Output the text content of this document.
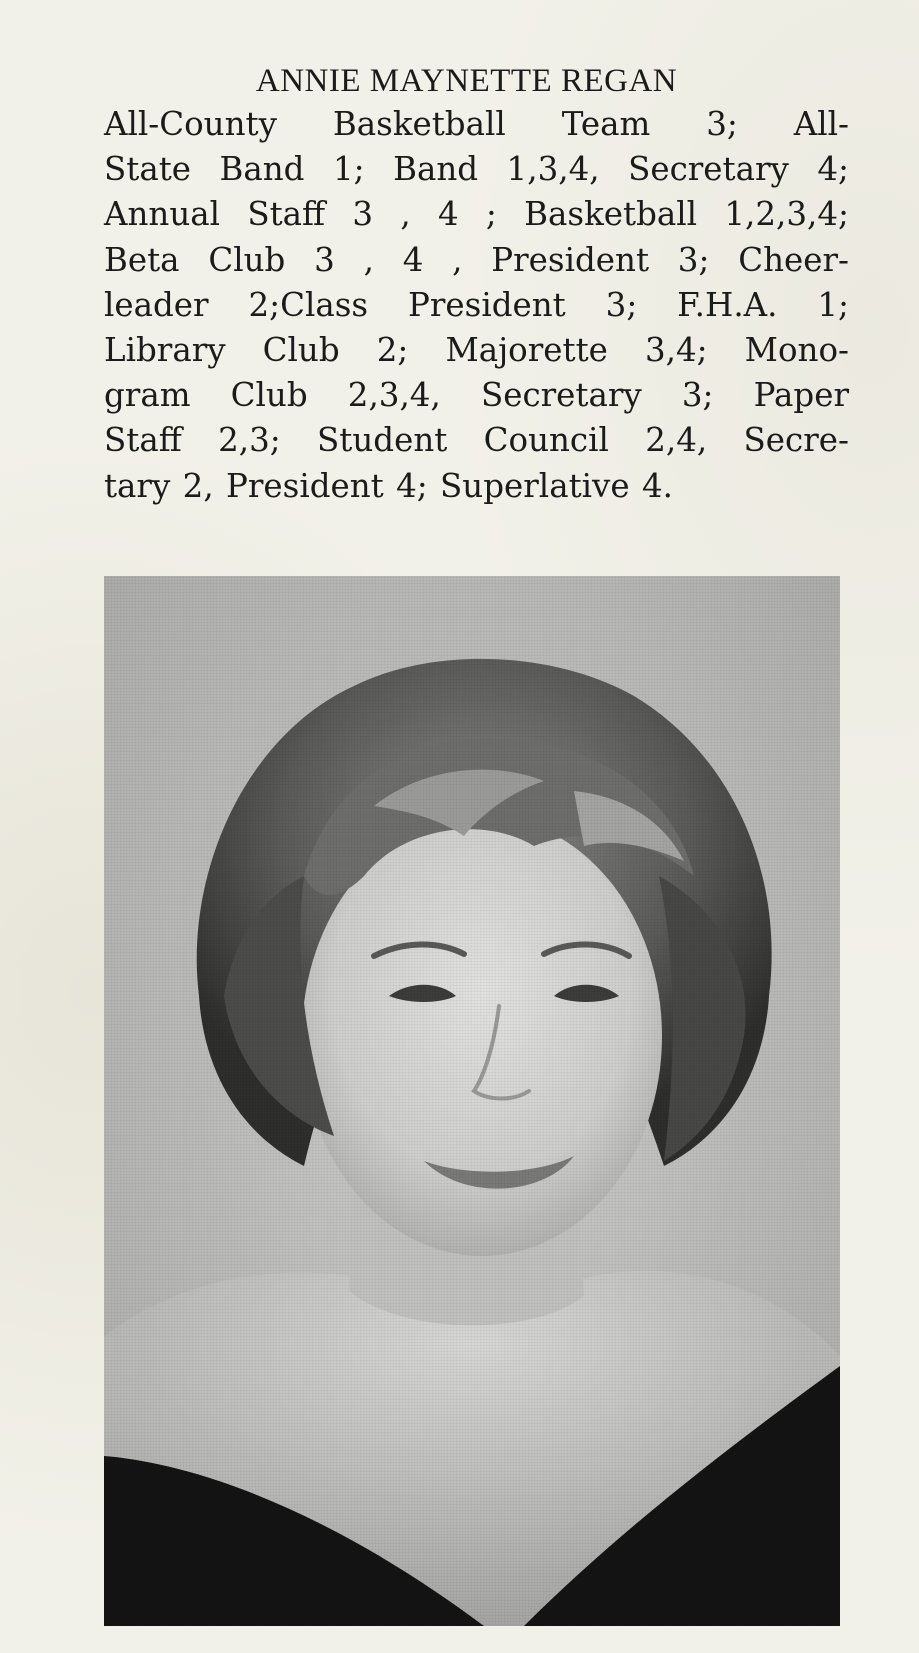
ANNIE MAYNETTE REGAN

All-County Basketball Team 3; All-
State Band 1; Band 1,3,4, Secretary 4;
Annual Staff 3 , 4 ; Basketball 1,2,3,4;
Beta Club 3 , 4 , President 3; Cheer-
leader 2;Class President 3; F.H.A. 1;
Library Club 2; Majorette 3,4; Mono-
gram Club 2,3,4, Secretary 3; Paper
Staff 2,3; Student Council 2,4, Secre-
tary 2, President 4; Superlative 4.
